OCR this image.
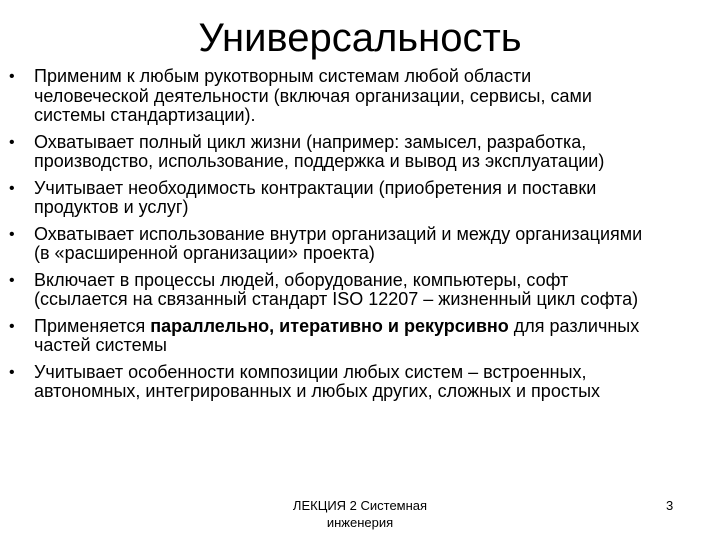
Универсальность
•	Применим к любым рукотворным системам любой области
человеческой деятельности (включая организации, сервисы, сами
системы стандартизации).
•	Охватывает полный цикл жизни (например: замысел, разработка,
производство, использование, поддержка и вывод из эксплуатации)
•	Учитывает необходимость контрактации (приобретения и поставки
продуктов и услуг)
•	Охватывает использование внутри организаций и между организациями
(в «расширенной организации» проекта)
•	Включает в процессы людей, оборудование, компьютеры, софт
(ссылается на связанный стандарт ISO 12207 – жизненный цикл софта)
•	Применяется параллельно, итеративно и рекурсивно для различных
частей системы
•	Учитывает особенности композиции любых систем – встроенных,
автономных, интегрированных и любых других, сложных и простых
ЛЕКЦИЯ 2 Системная
инженерия
3
